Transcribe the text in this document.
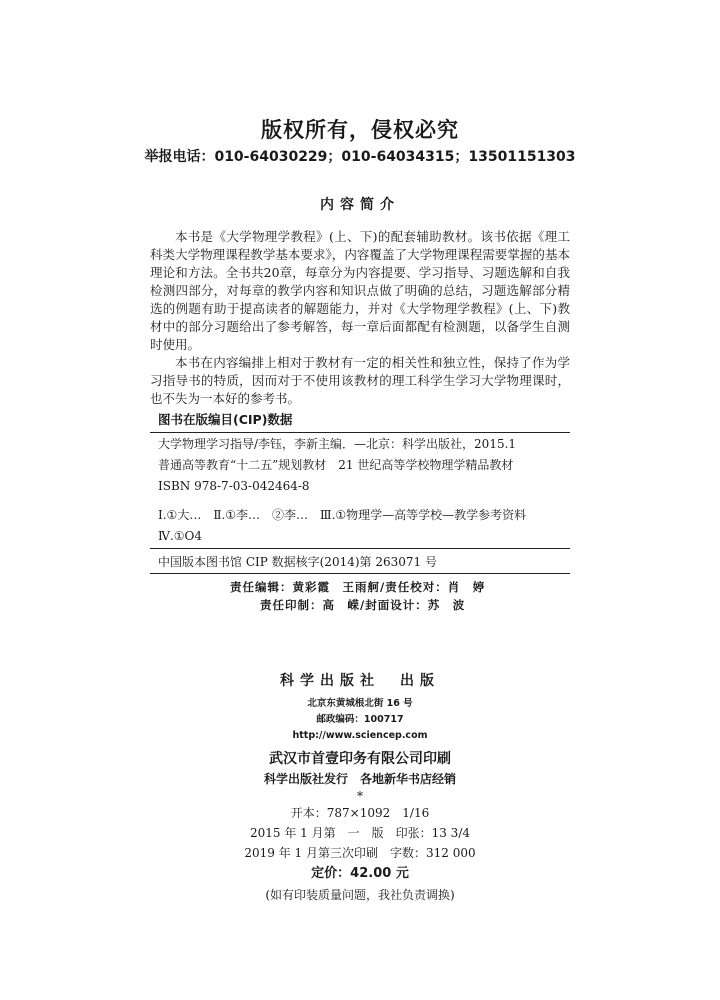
版权所有，侵权必究
举报电话：010-64030229；010-64034315；13501151303
内容简介

本书是《大学物理学教程》(上、下)的配套辅助教材。该书依据《理工科类大学物理课程教学基本要求》，内容覆盖了大学物理课程需要掌握的基本理论和方法。全书共20章，每章分为内容提要、学习指导、习题选解和自我检测四部分，对每章的教学内容和知识点做了明确的总结，习题选解部分精选的例题有助于提高读者的解题能力，并对《大学物理学教程》(上、下)教材中的部分习题给出了参考解答，每一章后面都配有检测题，以备学生自测时使用。

本书在内容编排上相对于教材有一定的相关性和独立性，保持了作为学习指导书的特质，因而对于不使用该教材的理工科学生学习大学物理课时，也不失为一本好的参考书。

图书在版编目(CIP)数据
大学物理学习指导/李钰，李新主编．—北京：科学出版社，2015.1
普通高等教育“十二五”规划教材　21 世纪高等学校物理学精品教材
ISBN 978-7-03-042464-8
Ⅰ.①大…　Ⅱ.①李…　②李…　Ⅲ.①物理学—高等学校—教学参考资料
Ⅳ.①O4
中国版本图书馆 CIP 数据核字(2014)第 263071 号
责任编辑：黄彩霞　王雨舸/责任校对：肖　婷
责任印制：高　嵘/封面设计：苏　波
科学出版社　出版
北京东黄城根北街 16 号
邮政编码：100717
http://www.sciencep.com
武汉市首壹印务有限公司印刷
科学出版社发行　各地新华书店经销
*
开本：787×1092　1/16
2015 年 1 月第　一　版　印张：13 3/4
2019 年 1 月第三次印刷　字数：312 000
定价：42.00 元
(如有印装质量问题，我社负责调换)
